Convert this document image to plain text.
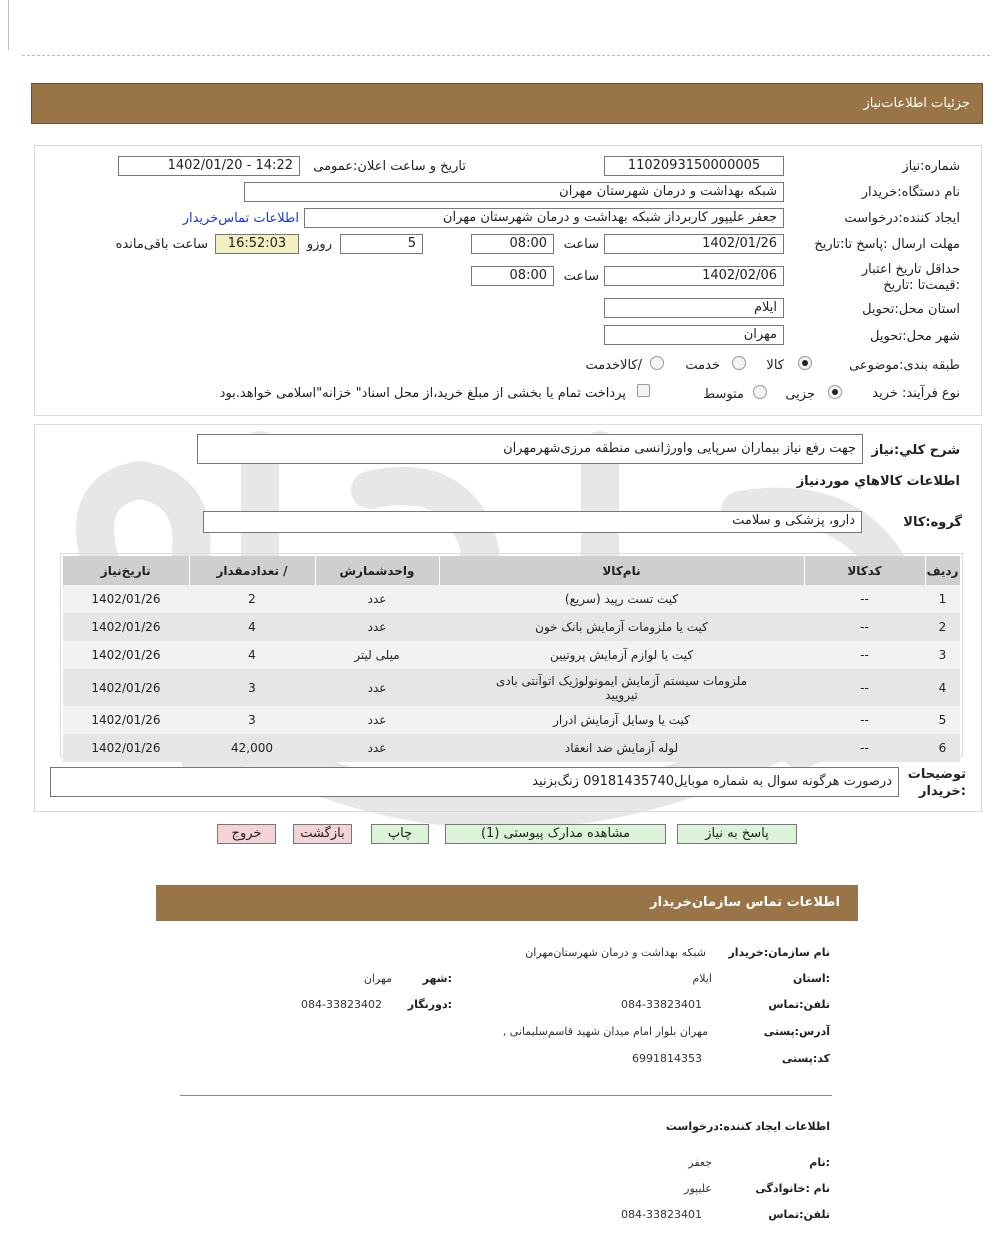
جزئیات اطلاعات‌نیاز
شماره:نیاز
1102093150000005
تاریخ و ساعت اعلان:عمومی
1402/01/20 - 14:22
نام دستگاه:خریدار
شبکه بهداشت و درمان شهرستان مهران
ایجاد کننده:درخواست
جعفر علیپور کاربرداز شبکه بهداشت و درمان شهرستان مهران
اطلاعات تماس‌خریدار
مهلت ارسال :پاسخ تا:تاریخ
1402/01/26
ساعت
08:00
5
روزو
16:52:03
ساعت باقی‌مانده
حداقل تاریخ اعتبار :قیمت‌تا :تاریخ
1402/02/06
ساعت
08:00
استان محل:تحویل
ایلام
شهر محل:تحویل
مهران
طبقه بندی:موضوعی
کالا
خدمت
/کالاخدمت
نوع فرآیند: خرید
جزیی
متوسط
پرداخت تمام یا بخشی از مبلغ خرید،از محل اسناد" خزانه"اسلامی خواهد.بود
شرح کلي:نياز
جهت رفع نیاز بیماران سرپایی واورژانسی منطقه مرزی‌شهرمهران
اطلاعات کالاهاي موردنياز
گروه:کالا
دارو، پزشکی و سلامت
ردیف	کدکالا	نام‌کالا	واحدشمارش	/ تعدادمقدار	تاریخ‌نیاز
1	--	کیت تست رپید (سریع)	عدد	2	1402/01/26
2	--	کیت یا ملزومات آزمایش بانک خون	عدد	4	1402/01/26
3	--	کیت یا لوازم آزمایش پروتیین	میلی لیتر	4	1402/01/26
4	--	ملزومات سیستم آزمایش ایمونولوژیک اتوآنتی بادی تیرویید	عدد	3	1402/01/26
5	--	کیت یا وسایل آزمایش ادرار	عدد	3	1402/01/26
6	--	لوله آزمایش ضد انعقاد	عدد	42,000	1402/01/26
توضیحات :خریدار
درصورت هرگونه سوال به شماره موبایل09181435740 زنگ‌بزنید
پاسخ به نیاز
مشاهده مدارک پیوستی (1)
چاپ
بازگشت
خروج
اطلاعات تماس سازمان‌خریدار
نام سازمان:خریدار
شبکه بهداشت و درمان شهرستان‌مهران
:استان
ایلام
:شهر
مهران
تلفن:تماس
084-33823401
:دورنگار
084-33823402
آدرس:پستی
مهران بلوار امام میدان شهید قاسم‌سلیمانی ,
کد:پستی
6991814353
اطلاعات ایجاد کننده:درخواست
:نام
جعفر
نام :خانوادگی
علیپور
تلفن:تماس
084-33823401
